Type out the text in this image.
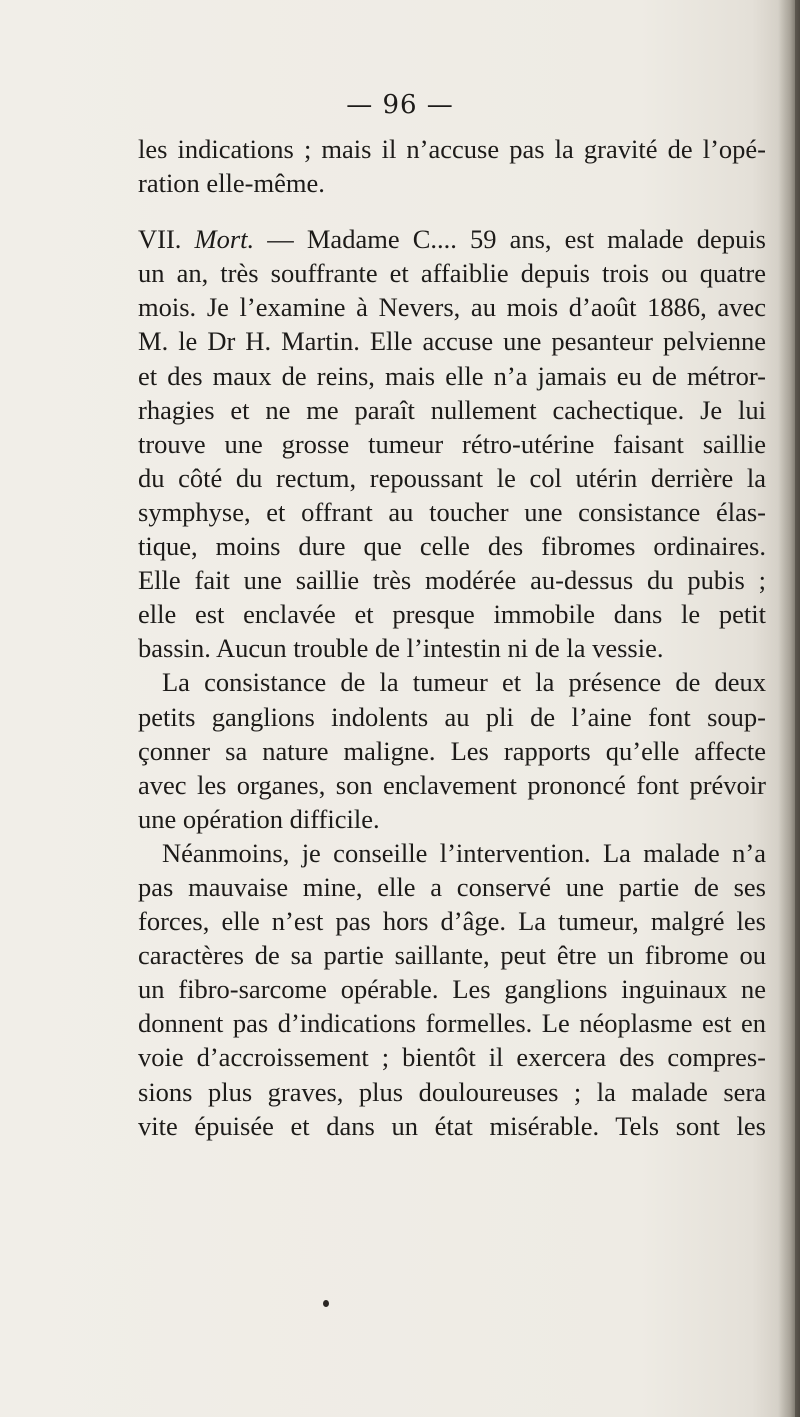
— 96 —
les indications ; mais il n’accuse pas la gravité de l’opé-
ration elle-même.
VII. Mort. — Madame C.... 59 ans, est malade depuis
un an, très souffrante et affaiblie depuis trois ou quatre
mois. Je l’examine à Nevers, au mois d’août 1886, avec
M. le Dr H. Martin. Elle accuse une pesanteur pelvienne
et des maux de reins, mais elle n’a jamais eu de métror-
rhagies et ne me paraît nullement cachectique. Je lui
trouve une grosse tumeur rétro-utérine faisant saillie
du côté du rectum, repoussant le col utérin derrière la
symphyse, et offrant au toucher une consistance élas-
tique, moins dure que celle des fibromes ordinaires.
Elle fait une saillie très modérée au-dessus du pubis ;
elle est enclavée et presque immobile dans le petit
bassin. Aucun trouble de l’intestin ni de la vessie.
La consistance de la tumeur et la présence de deux
petits ganglions indolents au pli de l’aine font soup-
çonner sa nature maligne. Les rapports qu’elle affecte
avec les organes, son enclavement prononcé font prévoir
une opération difficile.
Néanmoins, je conseille l’intervention. La malade n’a
pas mauvaise mine, elle a conservé une partie de ses
forces, elle n’est pas hors d’âge. La tumeur, malgré les
caractères de sa partie saillante, peut être un fibrome ou
un fibro-sarcome opérable. Les ganglions inguinaux ne
donnent pas d’indications formelles. Le néoplasme est en
voie d’accroissement ; bientôt il exercera des compres-
sions plus graves, plus douloureuses ; la malade sera
vite épuisée et dans un état misérable. Tels sont les
